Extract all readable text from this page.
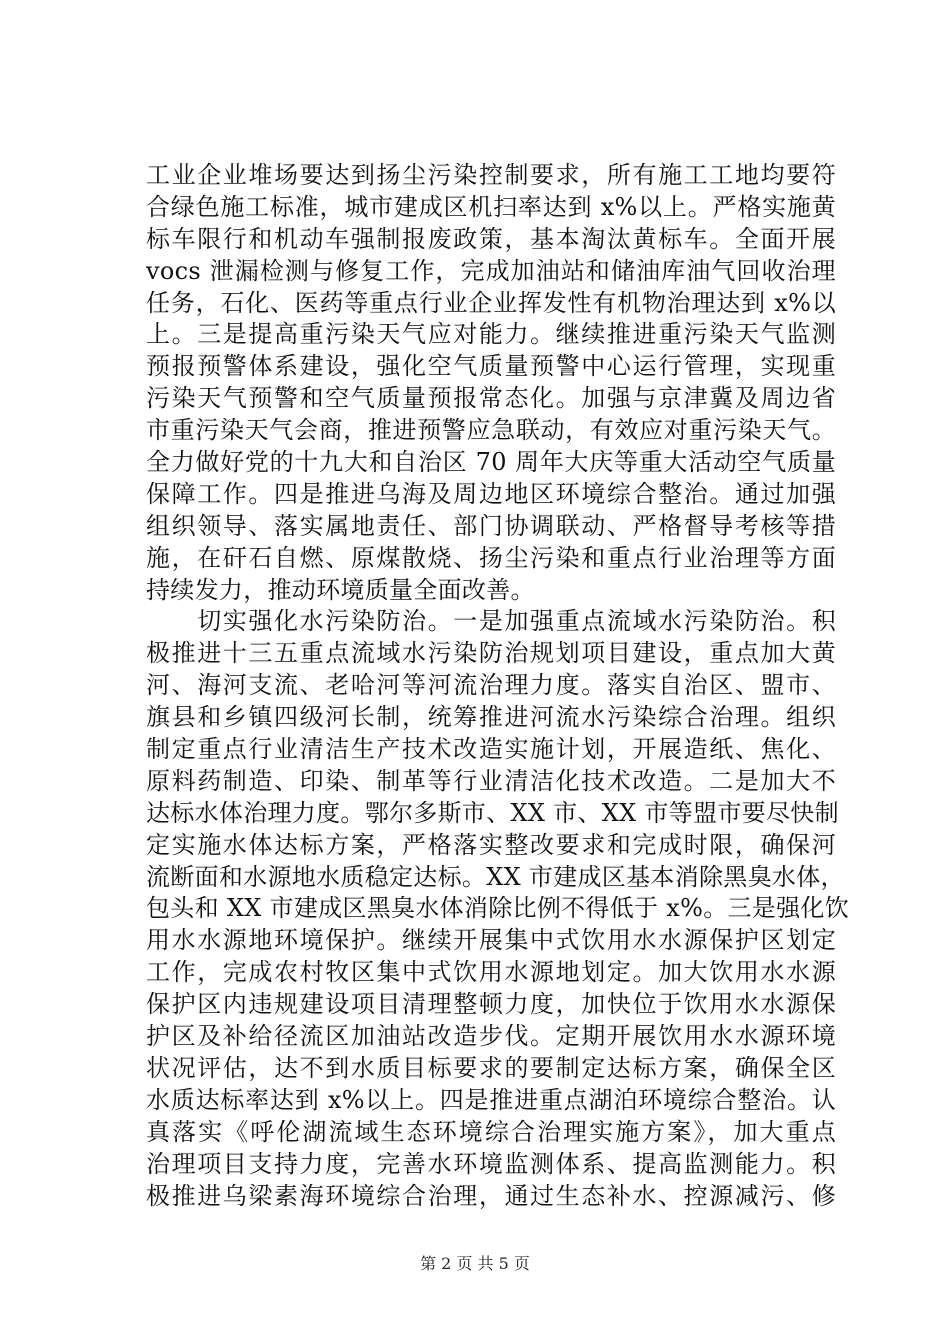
工业企业堆场要达到扬尘污染控制要求，所有施工工地均要符
合绿色施工标准，城市建成区机扫率达到 x%以上。严格实施黄
标车限行和机动车强制报废政策，基本淘汰黄标车。全面开展
vocs 泄漏检测与修复工作，完成加油站和储油库油气回收治理
任务，石化、医药等重点行业企业挥发性有机物治理达到 x%以
上。三是提高重污染天气应对能力。继续推进重污染天气监测
预报预警体系建设，强化空气质量预警中心运行管理，实现重
污染天气预警和空气质量预报常态化。加强与京津冀及周边省
市重污染天气会商，推进预警应急联动，有效应对重污染天气。
全力做好党的十九大和自治区 70 周年大庆等重大活动空气质量
保障工作。四是推进乌海及周边地区环境综合整治。通过加强
组织领导、落实属地责任、部门协调联动、严格督导考核等措
施，在矸石自燃、原煤散烧、扬尘污染和重点行业治理等方面
持续发力，推动环境质量全面改善。
　　切实强化水污染防治。一是加强重点流域水污染防治。积
极推进十三五重点流域水污染防治规划项目建设，重点加大黄
河、海河支流、老哈河等河流治理力度。落实自治区、盟市、
旗县和乡镇四级河长制，统筹推进河流水污染综合治理。组织
制定重点行业清洁生产技术改造实施计划，开展造纸、焦化、
原料药制造、印染、制革等行业清洁化技术改造。二是加大不
达标水体治理力度。鄂尔多斯市、XX 市、XX 市等盟市要尽快制
定实施水体达标方案，严格落实整改要求和完成时限，确保河
流断面和水源地水质稳定达标。XX 市建成区基本消除黑臭水体，
包头和 XX 市建成区黑臭水体消除比例不得低于 x%。三是强化饮
用水水源地环境保护。继续开展集中式饮用水水源保护区划定
工作，完成农村牧区集中式饮用水源地划定。加大饮用水水源
保护区内违规建设项目清理整顿力度，加快位于饮用水水源保
护区及补给径流区加油站改造步伐。定期开展饮用水水源环境
状况评估，达不到水质目标要求的要制定达标方案，确保全区
水质达标率达到 x%以上。四是推进重点湖泊环境综合整治。认
真落实《呼伦湖流域生态环境综合治理实施方案》，加大重点
治理项目支持力度，完善水环境监测体系、提高监测能力。积
极推进乌梁素海环境综合治理，通过生态补水、控源减污、修
第 2 页 共 5 页
